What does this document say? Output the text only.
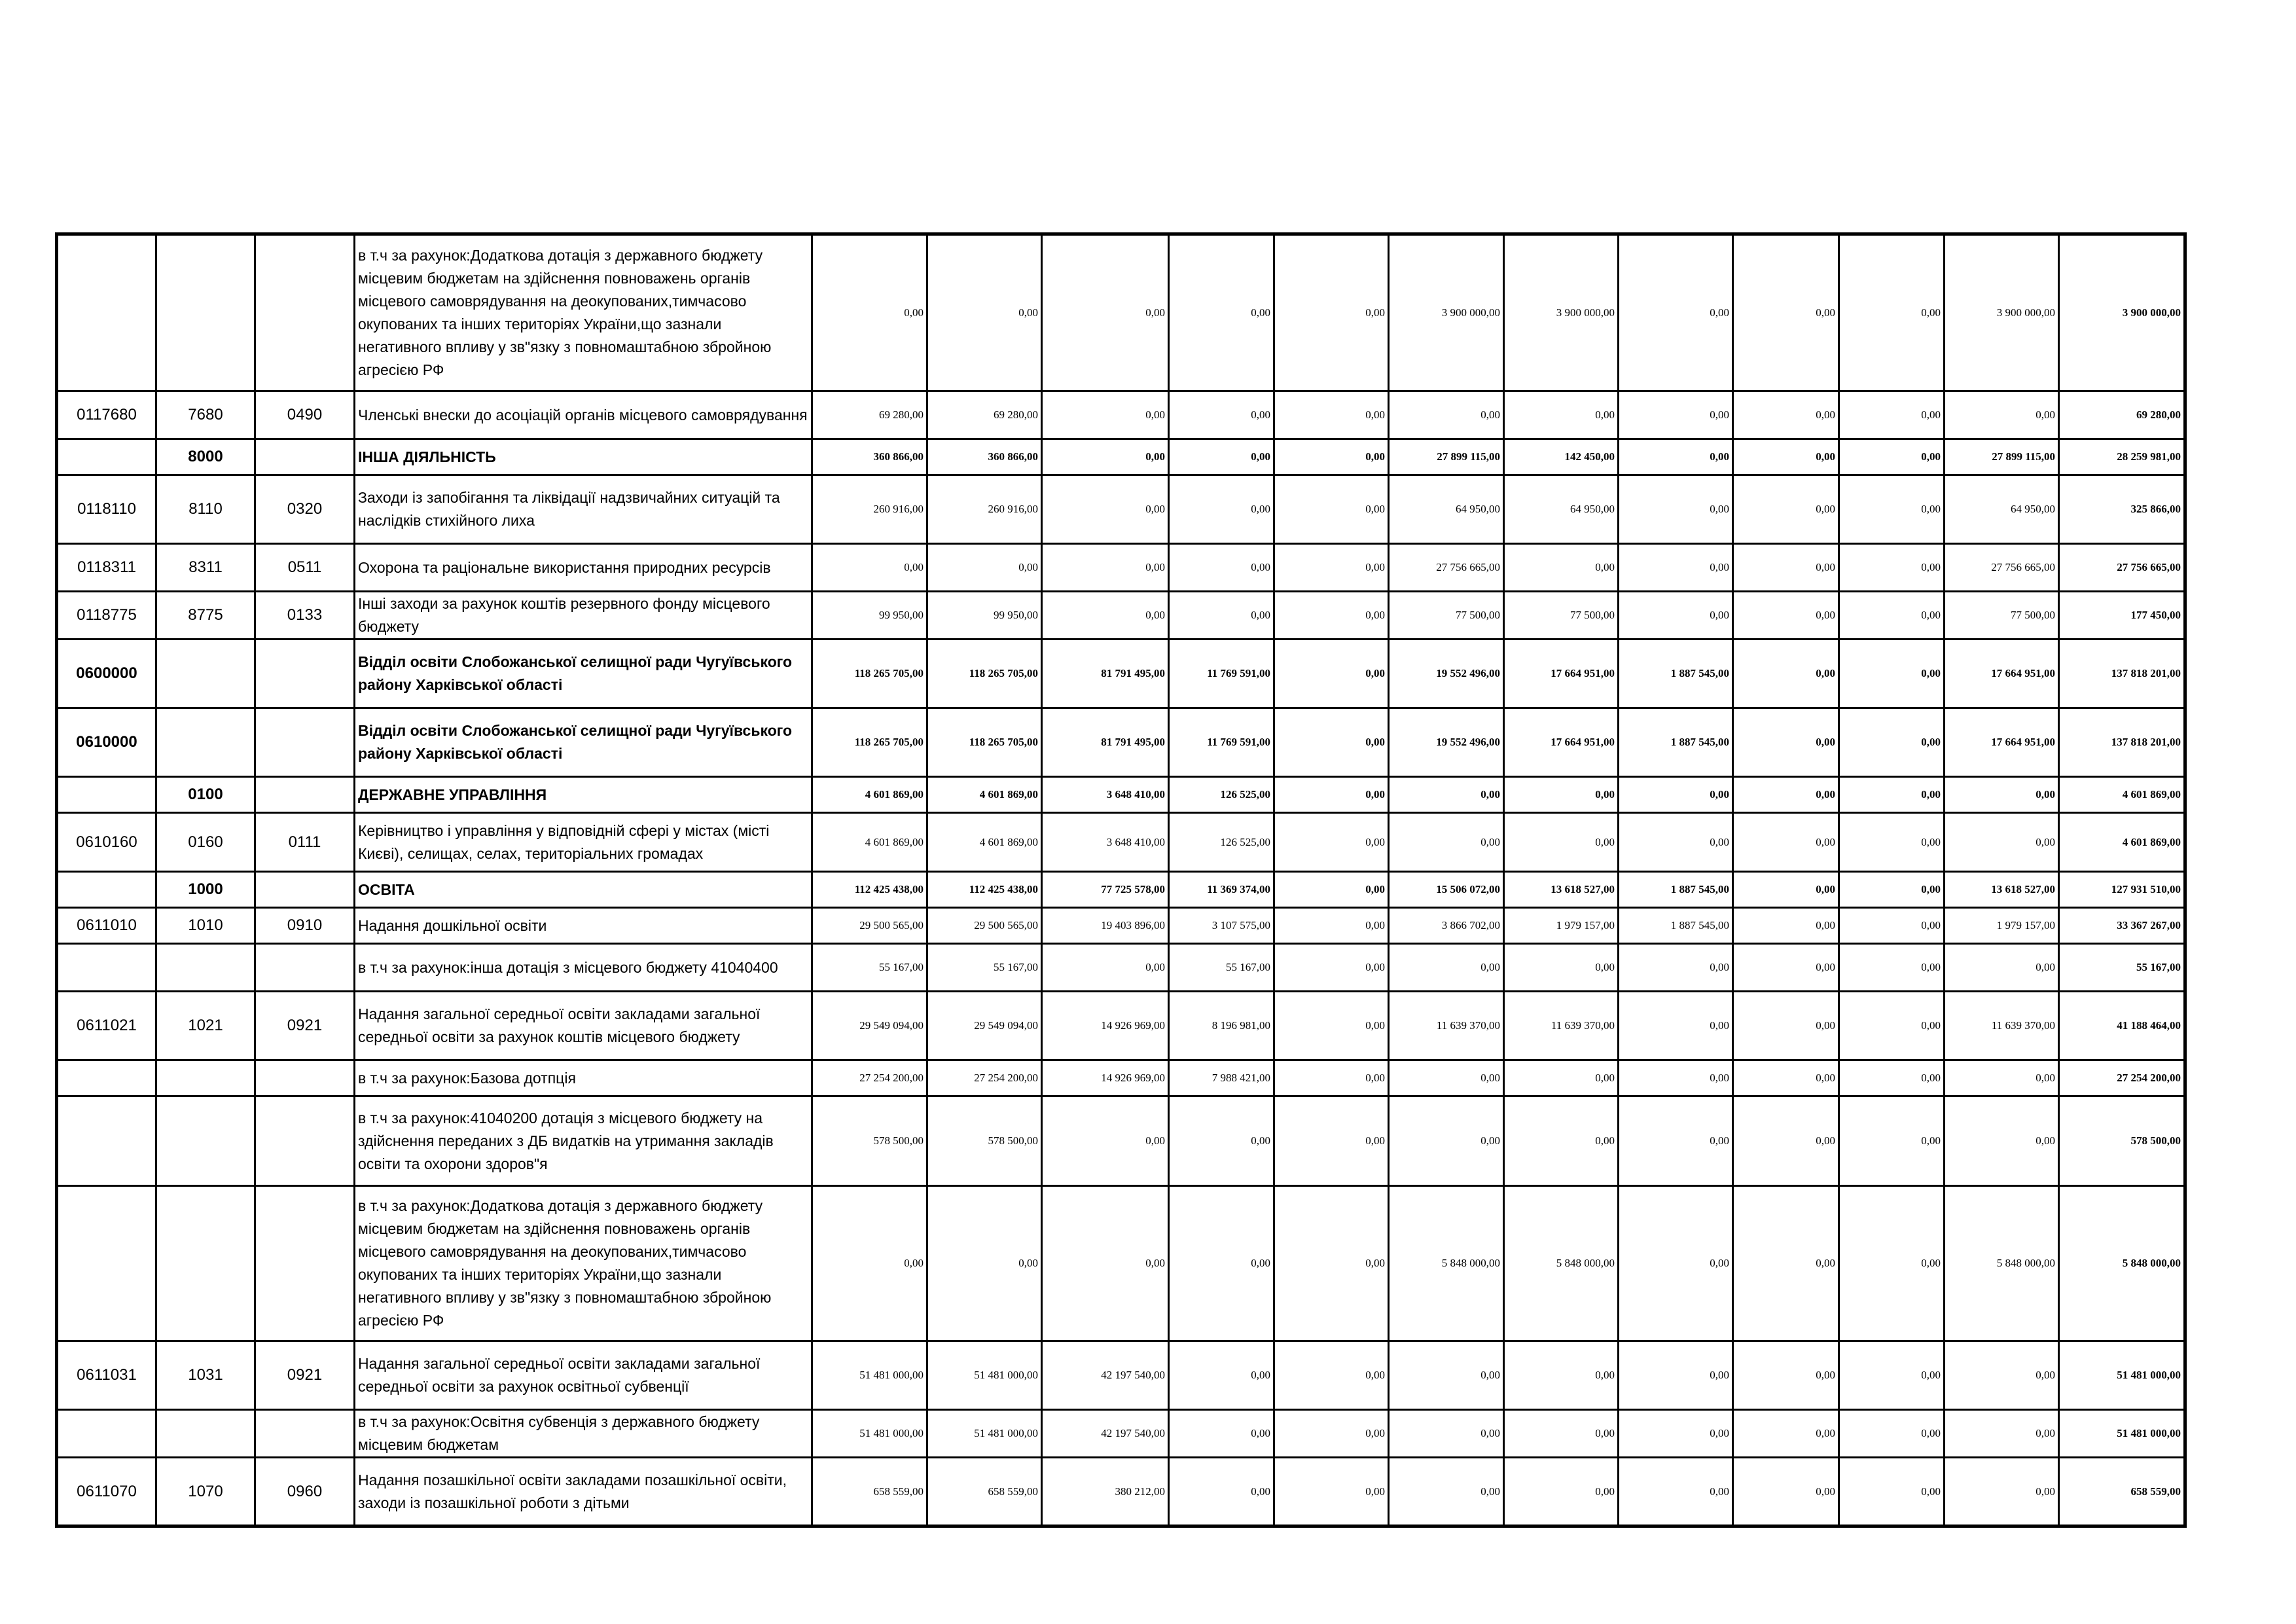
			в т.ч за рахунок:Додаткова дотація з державного бюджету місцевим бюджетам на здійснення повноважень органів місцевого самоврядування на деокупованих,тимчасово окупованих та інших територіях України,що зазнали негативного впливу у зв"язку з повномаштабною збройною агресією РФ	0,00	0,00	0,00	0,00	0,00	3 900 000,00	3 900 000,00	0,00	0,00	0,00	3 900 000,00	3 900 000,00
0117680	7680	0490	Членські внески до асоціацій органів місцевого самоврядування	69 280,00	69 280,00	0,00	0,00	0,00	0,00	0,00	0,00	0,00	0,00	0,00	69 280,00
	8000		ІНША ДІЯЛЬНІСТЬ	360 866,00	360 866,00	0,00	0,00	0,00	27 899 115,00	142 450,00	0,00	0,00	0,00	27 899 115,00	28 259 981,00
0118110	8110	0320	Заходи із запобігання та ліквідації надзвичайних ситуацій та наслідків стихійного лиха	260 916,00	260 916,00	0,00	0,00	0,00	64 950,00	64 950,00	0,00	0,00	0,00	64 950,00	325 866,00
0118311	8311	0511	Охорона та раціональне використання природних ресурсів	0,00	0,00	0,00	0,00	0,00	27 756 665,00	0,00	0,00	0,00	0,00	27 756 665,00	27 756 665,00
0118775	8775	0133	Інші заходи за рахунок коштів резервного фонду місцевого бюджету	99 950,00	99 950,00	0,00	0,00	0,00	77 500,00	77 500,00	0,00	0,00	0,00	77 500,00	177 450,00
0600000			Відділ освіти Слобожанської селищної ради Чугуївського району Харківської області	118 265 705,00	118 265 705,00	81 791 495,00	11 769 591,00	0,00	19 552 496,00	17 664 951,00	1 887 545,00	0,00	0,00	17 664 951,00	137 818 201,00
0610000			Відділ освіти Слобожанської селищної ради Чугуївського району Харківської області	118 265 705,00	118 265 705,00	81 791 495,00	11 769 591,00	0,00	19 552 496,00	17 664 951,00	1 887 545,00	0,00	0,00	17 664 951,00	137 818 201,00
	0100		ДЕРЖАВНЕ УПРАВЛІННЯ	4 601 869,00	4 601 869,00	3 648 410,00	126 525,00	0,00	0,00	0,00	0,00	0,00	0,00	0,00	4 601 869,00
0610160	0160	0111	Керівництво і управління у відповідній сфері у містах (місті Києві), селищах, селах, територіальних громадах	4 601 869,00	4 601 869,00	3 648 410,00	126 525,00	0,00	0,00	0,00	0,00	0,00	0,00	0,00	4 601 869,00
	1000		ОСВІТА	112 425 438,00	112 425 438,00	77 725 578,00	11 369 374,00	0,00	15 506 072,00	13 618 527,00	1 887 545,00	0,00	0,00	13 618 527,00	127 931 510,00
0611010	1010	0910	Надання дошкільної освіти	29 500 565,00	29 500 565,00	19 403 896,00	3 107 575,00	0,00	3 866 702,00	1 979 157,00	1 887 545,00	0,00	0,00	1 979 157,00	33 367 267,00
			в т.ч за рахунок:інша дотація з місцевого бюджету 41040400	55 167,00	55 167,00	0,00	55 167,00	0,00	0,00	0,00	0,00	0,00	0,00	0,00	55 167,00
0611021	1021	0921	Надання загальної середньої освіти закладами загальної середньої освіти за рахунок коштів місцевого бюджету	29 549 094,00	29 549 094,00	14 926 969,00	8 196 981,00	0,00	11 639 370,00	11 639 370,00	0,00	0,00	0,00	11 639 370,00	41 188 464,00
			в т.ч за рахунок:Базова дотпція	27 254 200,00	27 254 200,00	14 926 969,00	7 988 421,00	0,00	0,00	0,00	0,00	0,00	0,00	0,00	27 254 200,00
			в т.ч за рахунок:41040200 дотація з місцевого бюджету на здійснення переданих з ДБ видатків на утримання закладів освіти та охорони здоров"я	578 500,00	578 500,00	0,00	0,00	0,00	0,00	0,00	0,00	0,00	0,00	0,00	578 500,00
			в т.ч за рахунок:Додаткова дотація з державного бюджету місцевим бюджетам на здійснення повноважень органів місцевого самоврядування на деокупованих,тимчасово окупованих та інших територіях України,що зазнали негативного впливу у зв"язку з повномаштабною збройною агресією РФ	0,00	0,00	0,00	0,00	0,00	5 848 000,00	5 848 000,00	0,00	0,00	0,00	5 848 000,00	5 848 000,00
0611031	1031	0921	Надання загальної середньої освіти закладами загальної середньої освіти за рахунок освітньої субвенції	51 481 000,00	51 481 000,00	42 197 540,00	0,00	0,00	0,00	0,00	0,00	0,00	0,00	0,00	51 481 000,00
			в т.ч за рахунок:Освітня субвенція з державного бюджету місцевим бюджетам	51 481 000,00	51 481 000,00	42 197 540,00	0,00	0,00	0,00	0,00	0,00	0,00	0,00	0,00	51 481 000,00
0611070	1070	0960	Надання позашкільної освіти закладами позашкільної освіти, заходи із позашкільної роботи з дітьми	658 559,00	658 559,00	380 212,00	0,00	0,00	0,00	0,00	0,00	0,00	0,00	0,00	658 559,00
